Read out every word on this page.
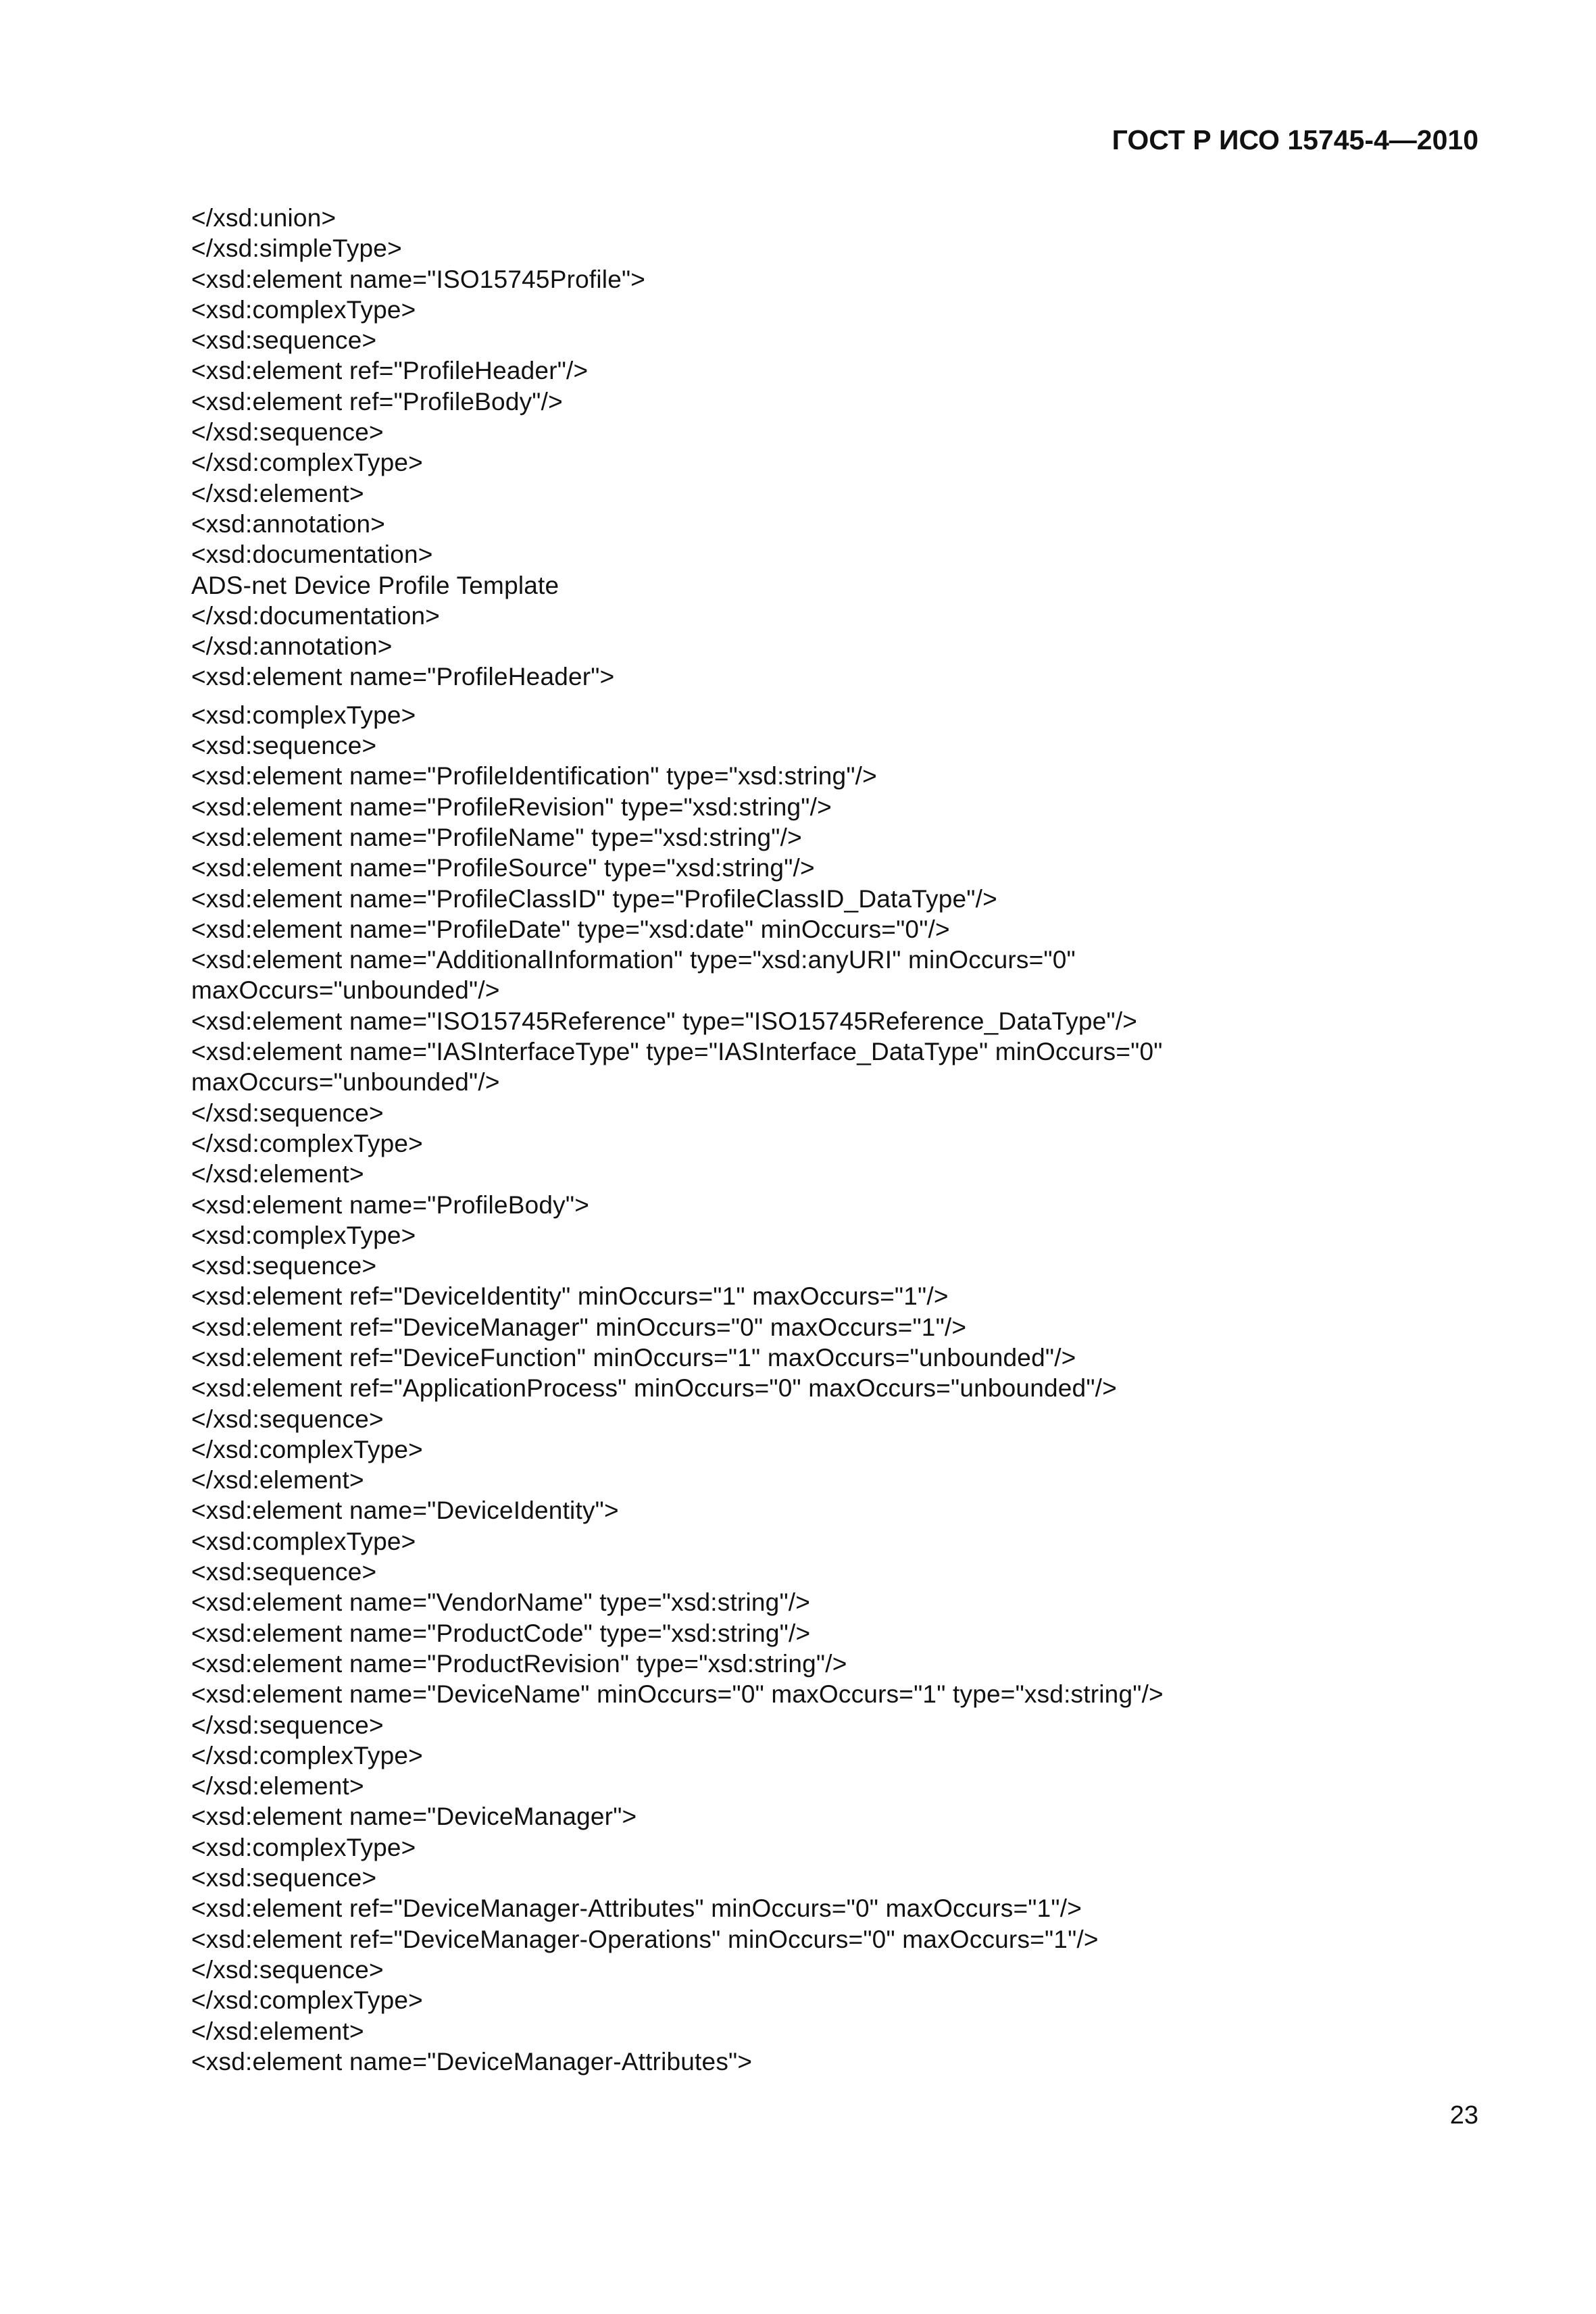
ГОСТ Р ИСО 15745-4—2010
</xsd:union>
</xsd:simpleType>
<xsd:element name="ISO15745Profile">
<xsd:complexType>
<xsd:sequence>
<xsd:element ref="ProfileHeader"/>
<xsd:element ref="ProfileBody"/>
</xsd:sequence>
</xsd:complexType>
</xsd:element>
<xsd:annotation>
<xsd:documentation>
ADS-net Device Profile Template
</xsd:documentation>
</xsd:annotation>
<xsd:element name="ProfileHeader">
<xsd:complexType>
<xsd:sequence>
<xsd:element name="ProfileIdentification" type="xsd:string"/>
<xsd:element name="ProfileRevision" type="xsd:string"/>
<xsd:element name="ProfileName" type="xsd:string"/>
<xsd:element name="ProfileSource" type="xsd:string"/>
<xsd:element name="ProfileClassID" type="ProfileClassID_DataType"/>
<xsd:element name="ProfileDate" type="xsd:date" minOccurs="0"/>
<xsd:element name="AdditionalInformation" type="xsd:anyURI" minOccurs="0"
maxOccurs="unbounded"/>
<xsd:element name="ISO15745Reference" type="ISO15745Reference_DataType"/>
<xsd:element name="IASInterfaceType" type="IASInterface_DataType" minOccurs="0"
maxOccurs="unbounded"/>
</xsd:sequence>
</xsd:complexType>
</xsd:element>
<xsd:element name="ProfileBody">
<xsd:complexType>
<xsd:sequence>
<xsd:element ref="DeviceIdentity" minOccurs="1" maxOccurs="1"/>
<xsd:element ref="DeviceManager" minOccurs="0" maxOccurs="1"/>
<xsd:element ref="DeviceFunction" minOccurs="1" maxOccurs="unbounded"/>
<xsd:element ref="ApplicationProcess" minOccurs="0" maxOccurs="unbounded"/>
</xsd:sequence>
</xsd:complexType>
</xsd:element>
<xsd:element name="DeviceIdentity">
<xsd:complexType>
<xsd:sequence>
<xsd:element name="VendorName" type="xsd:string"/>
<xsd:element name="ProductCode" type="xsd:string"/>
<xsd:element name="ProductRevision" type="xsd:string"/>
<xsd:element name="DeviceName" minOccurs="0" maxOccurs="1" type="xsd:string"/>
</xsd:sequence>
</xsd:complexType>
</xsd:element>
<xsd:element name="DeviceManager">
<xsd:complexType>
<xsd:sequence>
<xsd:element ref="DeviceManager-Attributes" minOccurs="0" maxOccurs="1"/>
<xsd:element ref="DeviceManager-Operations" minOccurs="0" maxOccurs="1"/>
</xsd:sequence>
</xsd:complexType>
</xsd:element>
<xsd:element name="DeviceManager-Attributes">
23
